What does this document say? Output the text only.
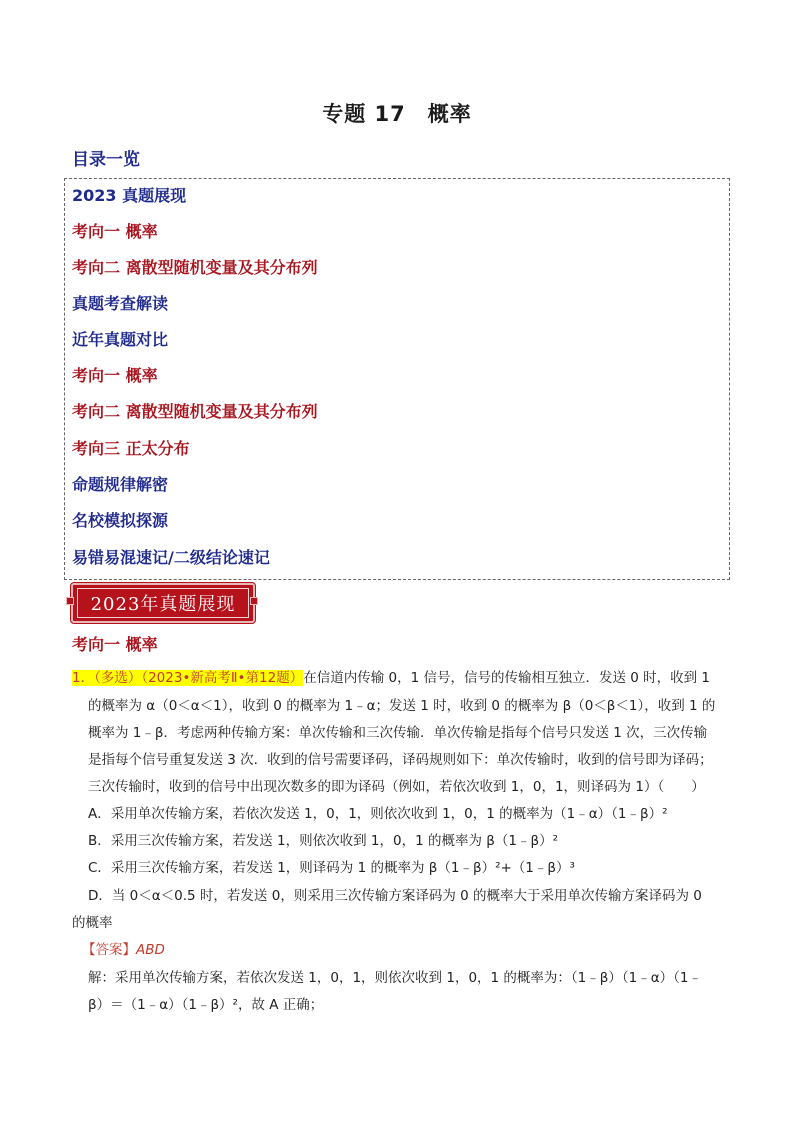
专题 17　概率
目录一览
2023 真题展现
考向一 概率
考向二 离散型随机变量及其分布列
真题考查解读
近年真题对比
考向一 概率
考向二 离散型随机变量及其分布列
考向三 正太分布
命题规律解密
名校模拟探源
易错易混速记/二级结论速记
2023年真题展现
考向一 概率
1．（多选）（2023•新高考Ⅱ•第12题）在信道内传输 0，1 信号，信号的传输相互独立．发送 0 时，收到 1
的概率为 α（0＜α＜1），收到 0 的概率为 1﹣α；发送 1 时，收到 0 的概率为 β（0＜β＜1），收到 1 的
概率为 1﹣β．考虑两种传输方案：单次传输和三次传输．单次传输是指每个信号只发送 1 次，三次传输
是指每个信号重复发送 3 次．收到的信号需要译码，译码规则如下：单次传输时，收到的信号即为译码；
三次传输时，收到的信号中出现次数多的即为译码（例如，若依次收到 1，0，1，则译码为 1）（　　）
A．采用单次传输方案，若依次发送 1，0，1，则依次收到 1，0，1 的概率为（1﹣α）（1﹣β）²
B．采用三次传输方案，若发送 1，则依次收到 1，0，1 的概率为 β（1﹣β）²
C．采用三次传输方案，若发送 1，则译码为 1 的概率为 β（1﹣β）²+（1﹣β）³
D．当 0＜α＜0.5 时，若发送 0，则采用三次传输方案译码为 0 的概率大于采用单次传输方案译码为 0
的概率
【答案】ABD
解：采用单次传输方案，若依次发送 1，0，1，则依次收到 1，0，1 的概率为：（1﹣β）（1﹣α）（1﹣
β）＝（1﹣α）（1﹣β）²，故 A 正确；
